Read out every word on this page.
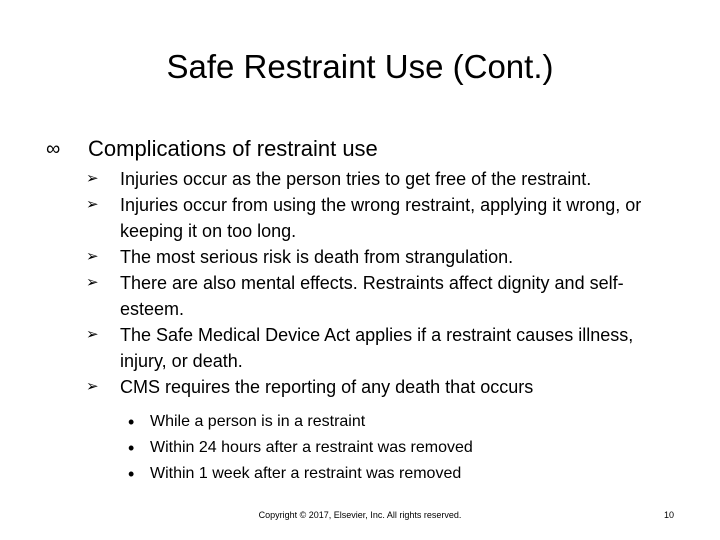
Safe Restraint Use (Cont.)
∞	Complications of restraint use
➢	Injuries occur as the person tries to get free of the restraint.
➢	Injuries occur from using the wrong restraint, applying it wrong, or keeping it on too long.
➢	The most serious risk is death from strangulation.
➢	There are also mental effects. Restraints affect dignity and self-esteem.
➢	The Safe Medical Device Act applies if a restraint causes illness, injury, or death.
➢	CMS requires the reporting of any death that occurs
• While a person is in a restraint
• Within 24 hours after a restraint was removed
• Within 1 week after a restraint was removed
Copyright © 2017, Elsevier, Inc. All rights reserved.	10
